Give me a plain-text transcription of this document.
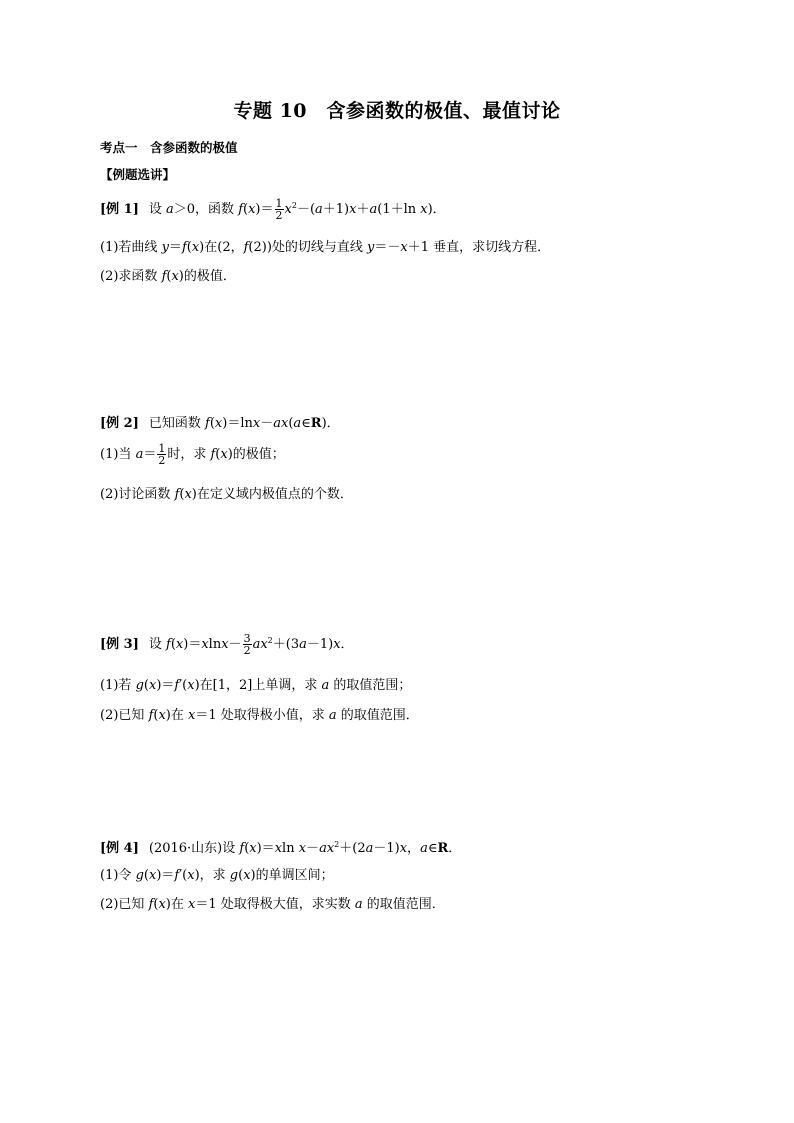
专题 10　含参函数的极值、最值讨论
考点一　含参函数的极值
【例题选讲】
[例 1] 设 a＞0，函数 $f(x)= \frac{1}{2} x^2-(a+1)x+a(1+\ln$ x)．
(1)若曲线 y＝f(x)在(2，f(2))处的切线与直线 y＝－x＋1 垂直，求切线方程．
(2)求函数 f(x)的极值．
[例 2] 已知函数 f(x)＝lnx－ax(a∈R)．
(1)当 $a= \frac{1}{2}$ 时，求 f(x)的极值；
(2)讨论函数 f(x)在定义域内极值点的个数．
[例 3] 设 $f(x)=xlnx- \frac{3}{2} ax^2+(3a-1)x$．
(1)若 g(x)＝f′(x)在[1，2]上单调，求 a 的取值范围；
(2)已知 f(x)在 x＝1 处取得极小值，求 a 的取值范围．
[例 4] (2016·山东)设 f(x)＝xln $x-ax^2+(2a-1)x$，a∈R．
(1)令 g(x)＝f′(x)，求 g(x)的单调区间；
(2)已知 f(x)在 x＝1 处取得极大值，求实数 a 的取值范围．
